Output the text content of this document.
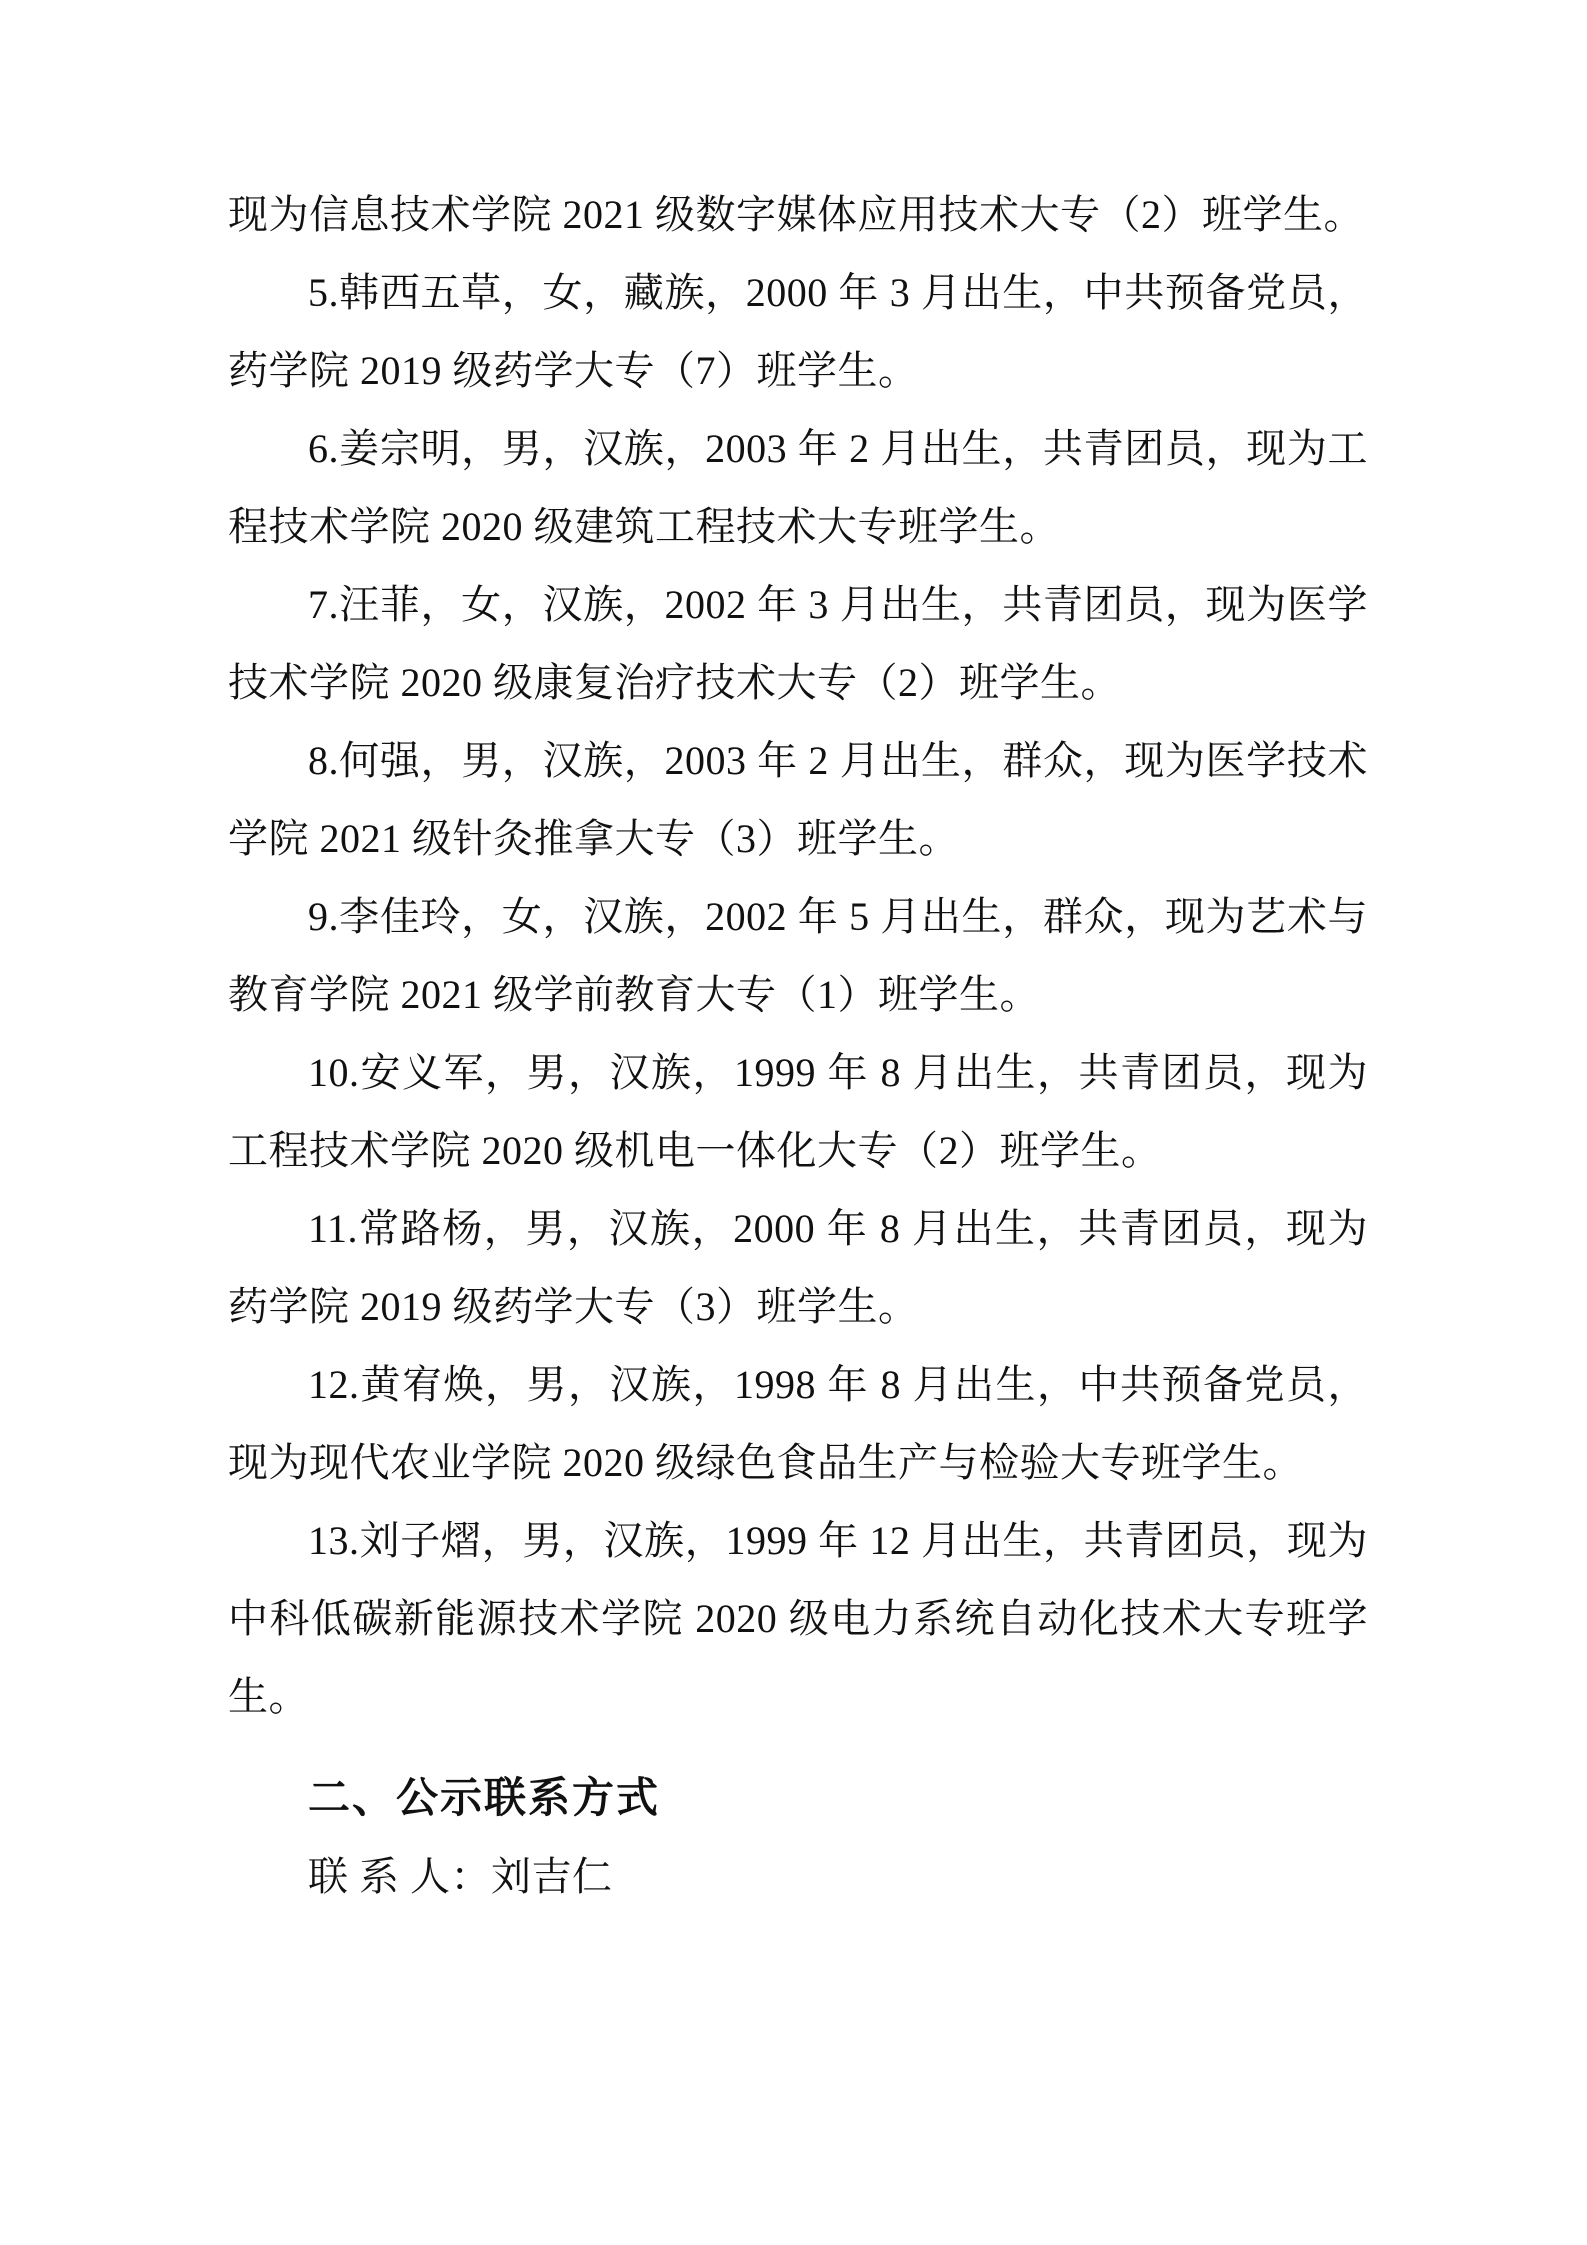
现为信息技术学院 2021 级数字媒体应用技术大专（2）班学生。

5.韩西五草，女，藏族，2000 年 3 月出生，中共预备党员，药学院 2019 级药学大专（7）班学生。

6.姜宗明，男，汉族，2003 年 2 月出生，共青团员，现为工程技术学院 2020 级建筑工程技术大专班学生。

7.汪菲，女，汉族，2002 年 3 月出生，共青团员，现为医学技术学院 2020 级康复治疗技术大专（2）班学生。

8.何强，男，汉族，2003 年 2 月出生，群众，现为医学技术学院 2021 级针灸推拿大专（3）班学生。

9.李佳玲，女，汉族，2002 年 5 月出生，群众，现为艺术与教育学院 2021 级学前教育大专（1）班学生。

10.安义军，男，汉族，1999 年 8 月出生，共青团员，现为工程技术学院 2020 级机电一体化大专（2）班学生。

11.常路杨，男，汉族，2000 年 8 月出生，共青团员，现为药学院 2019 级药学大专（3）班学生。

12.黄宥焕，男，汉族，1998 年 8 月出生，中共预备党员，现为现代农业学院 2020 级绿色食品生产与检验大专班学生。

13.刘子熠，男，汉族，1999 年 12 月出生，共青团员，现为中科低碳新能源技术学院 2020 级电力系统自动化技术大专班学生。

二、公示联系方式

联 系 人：刘吉仁
